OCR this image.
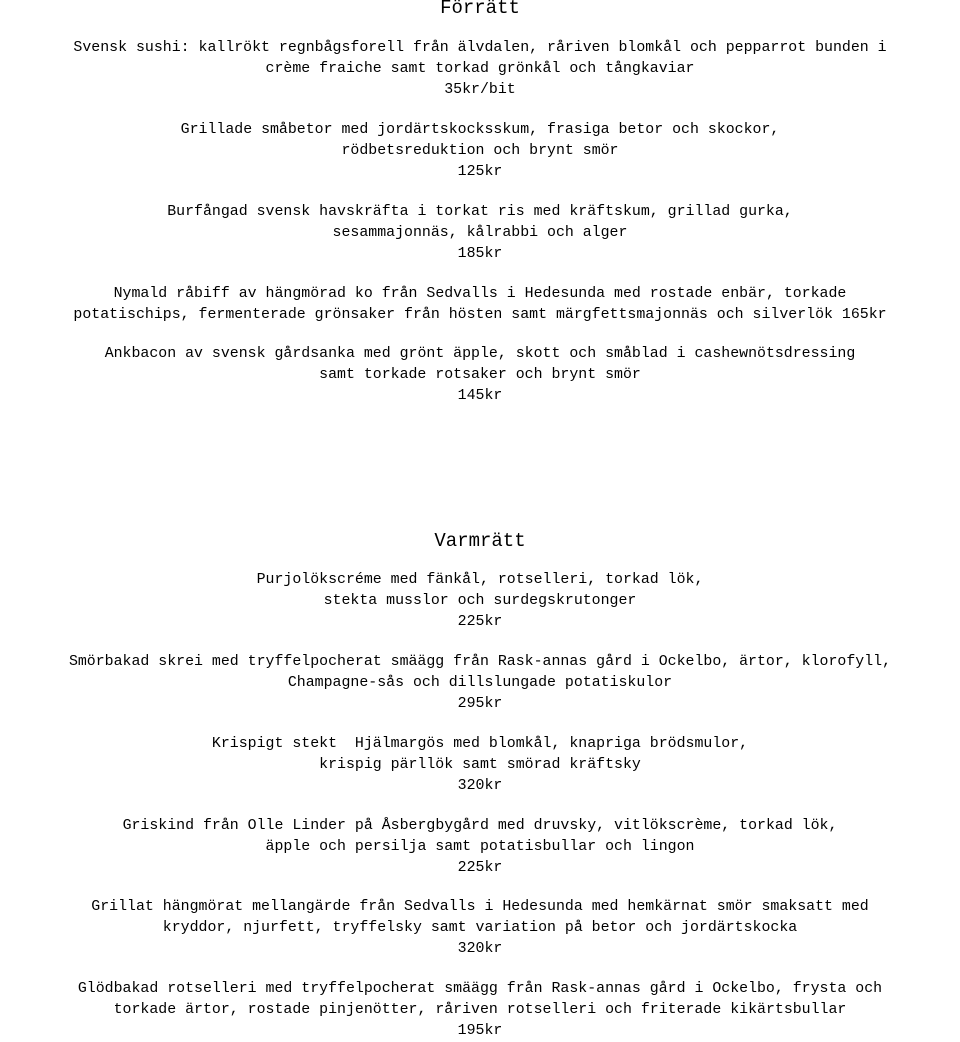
Förrätt
Svensk sushi: kallrökt regnbågsforell från älvdalen, råriven blomkål och pepparrot bunden i
crème fraiche samt torkad grönkål och tångkaviar
35kr/bit
Grillade småbetor med jordärtskocksskum, frasiga betor och skockor,
rödbetsreduktion och brynt smör
125kr
Burfångad svensk havskräfta i torkat ris med kräftskum, grillad gurka,
sesammajonnäs, kålrabbi och alger
185kr
Nymald råbiff av hängmörad ko från Sedvalls i Hedesunda med rostade enbär, torkade
potatischips, fermenterade grönsaker från hösten samt märgfettsmajonnäs och silverlök 165kr
Ankbacon av svensk gårdsanka med grönt äpple, skott och småblad i cashewnötsdressing
samt torkade rotsaker och brynt smör
145kr
Varmrätt
Purjolökscréme med fänkål, rotselleri, torkad lök,
stekta musslor och surdegskrutonger
225kr
Smörbakad skrei med tryffelpocherat smäägg från Rask-annas gård i Ockelbo, ärtor, klorofyll,
Champagne-sås och dillslungade potatiskulor
295kr
Krispigt stekt  Hjälmargös med blomkål, knapriga brödsmulor,
krispig pärllök samt smörad kräftsky
320kr
Griskind från Olle Linder på Åsbergbygård med druvsky, vitlökscrème, torkad lök,
äpple och persilja samt potatisbullar och lingon
225kr
Grillat hängmörat mellangärde från Sedvalls i Hedesunda med hemkärnat smör smaksatt med
kryddor, njurfett, tryffelsky samt variation på betor och jordärtskocka
320kr
Glödbakad rotselleri med tryffelpocherat smäägg från Rask-annas gård i Ockelbo, frysta och
torkade ärtor, rostade pinjenötter, råriven rotselleri och friterade kikärtsbullar
195kr
